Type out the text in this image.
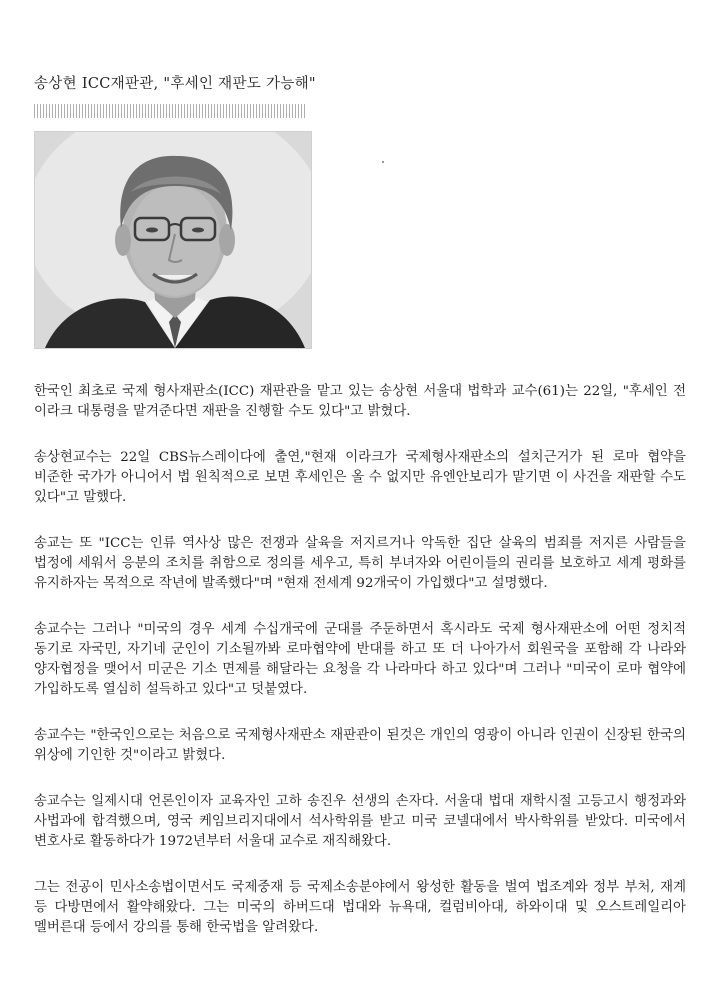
송상현 ICC재판관, "후세인 재판도 가능해"

한국인 최초로 국제 형사재판소(ICC) 재판관을 맡고 있는 송상현 서울대 법학과 교수(61)는 22일, "후세인 전 이라크 대통령을 맡겨준다면 재판을 진행할 수도 있다"고 밝혔다.

송상현교수는 22일 CBS뉴스레이다에 출연,"현재 이라크가 국제형사재판소의 설치근거가 된 로마 협약을 비준한 국가가 아니어서 법 원칙적으로 보면 후세인은 올 수 없지만 유엔안보리가 맡기면 이 사건을 재판할 수도 있다"고 말했다.

송교는 또 "ICC는 인류 역사상 많은 전쟁과 살육을 저지르거나 악독한 집단 살육의 범죄를 저지른 사람들을 법정에 세워서 응분의 조치를 취함으로 정의를 세우고, 특히 부녀자와 어린이들의 권리를 보호하고 세계 평화를 유지하자는 목적으로 작년에 발족했다"며 "현재 전세계 92개국이 가입했다"고 설명했다.

송교수는 그러나 "미국의 경우 세계 수십개국에 군대를 주둔하면서 혹시라도 국제 형사재판소에 어떤 정치적 동기로 자국민, 자기네 군인이 기소될까봐 로마협약에 반대를 하고 또 더 나아가서 회원국을 포함해 각 나라와 양자협정을 맺어서 미군은 기소 면제를 해달라는 요청을 각 나라마다 하고 있다"며 그러나 "미국이 로마 협약에 가입하도록 열심히 설득하고 있다"고 덧붙였다.

송교수는 "한국인으로는 처음으로 국제형사재판소 재판관이 된것은 개인의 영광이 아니라 인권이 신장된 한국의 위상에 기인한 것"이라고 밝혔다.

송교수는 일제시대 언론인이자 교육자인 고하 송진우 선생의 손자다. 서울대 법대 재학시절 고등고시 행정과와 사법과에 합격했으며, 영국 케임브리지대에서 석사학위를 받고 미국 코넬대에서 박사학위를 받았다. 미국에서 변호사로 활동하다가 1972년부터 서울대 교수로 재직해왔다.

그는 전공이 민사소송법이면서도 국제중재 등 국제소송분야에서 왕성한 활동을 벌여 법조계와 정부 부처, 재계 등 다방면에서 활약해왔다. 그는 미국의 하버드대 법대와 뉴욕대, 컬럼비아대, 하와이대 및 오스트레일리아 멜버른대 등에서 강의를 통해 한국법을 알려왔다.
